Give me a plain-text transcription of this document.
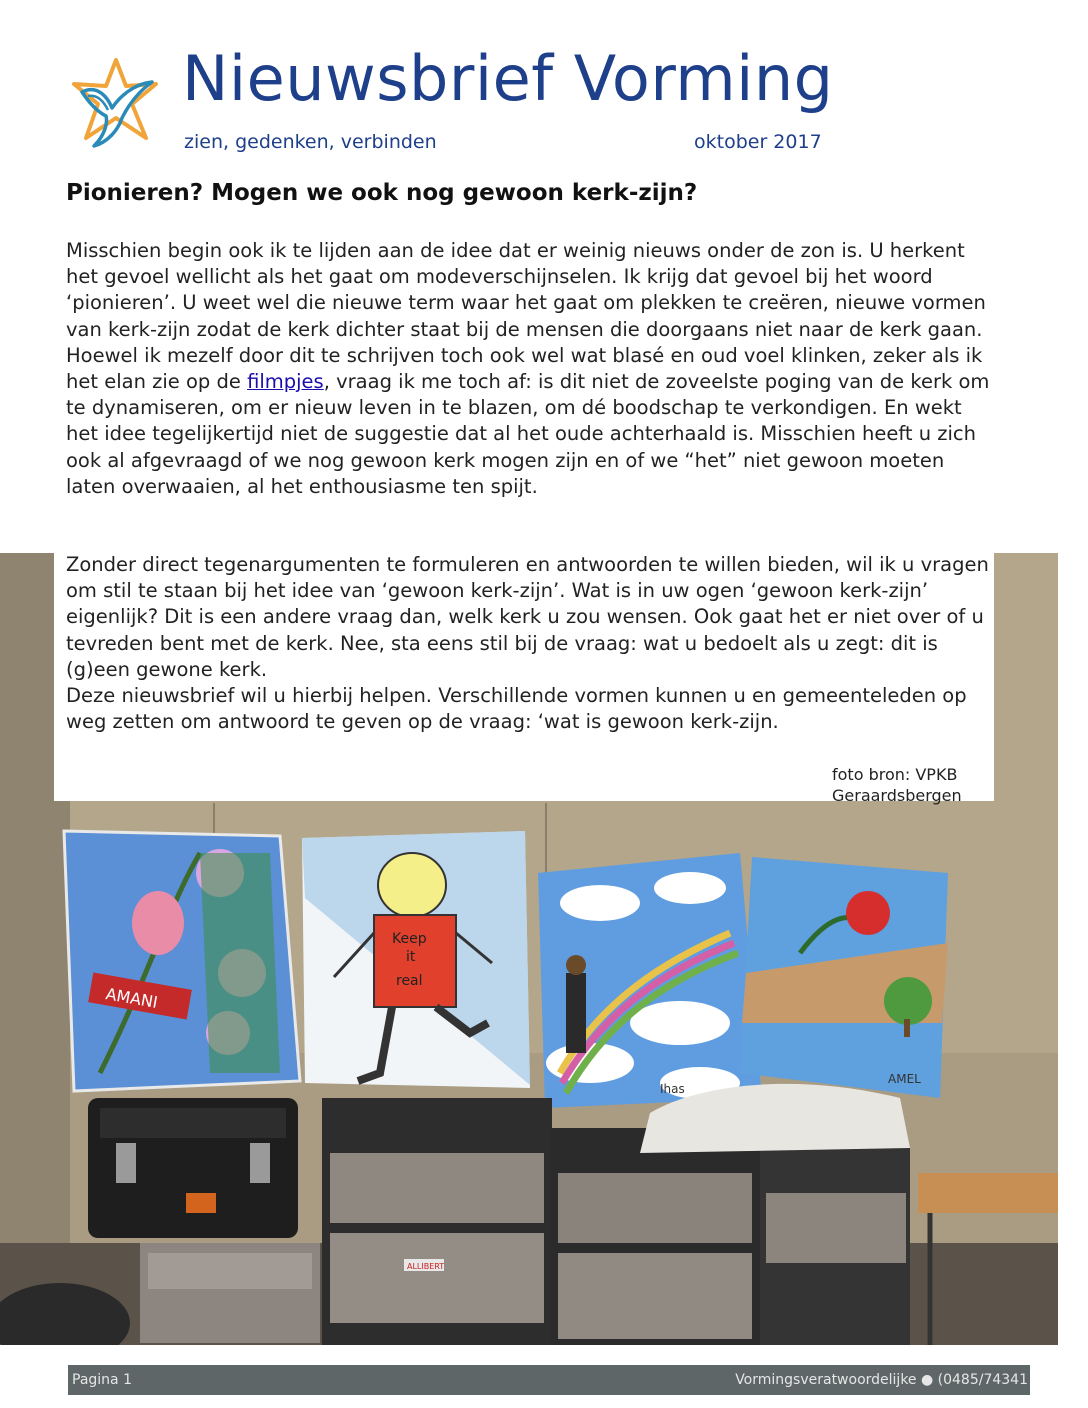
Nieuwsbrief Vorming
zien, gedenken, verbinden	oktober 2017
Pionieren? Mogen we ook nog gewoon kerk-zijn?
Misschien begin ook ik te lijden aan de idee dat er weinig nieuws onder de zon is. U herkent het gevoel wellicht als het gaat om modeverschijnselen. Ik krijg dat gevoel bij het woord ‘pionieren’. U weet wel die nieuwe term waar het gaat om plekken te creëren, nieuwe vormen van kerk-zijn zodat de kerk dichter staat bij de mensen die doorgaans niet naar de kerk gaan. Hoewel ik mezelf door dit te schrijven toch ook wel wat blasé en oud voel klinken, zeker als ik het elan zie op de filmpjes, vraag ik me toch af: is dit niet de zoveelste poging van de kerk om te dynamiseren, om er nieuw leven in te blazen, om dé boodschap te verkondigen. En wekt het idee tegelijkertijd niet de suggestie dat al het oude achterhaald is. Misschien heeft u zich ook al afgevraagd of we nog gewoon kerk mogen zijn en of we “het” niet gewoon moeten laten overwaaien, al het enthousiasme ten spijt.
AMANI
Keep
it
real
Ihas
AMEL
ALLIBERT
Zonder direct tegenargumenten te formuleren en antwoorden te willen bieden, wil ik u vragen om stil te staan bij het idee van ‘gewoon kerk-zijn’. Wat is in uw ogen ‘gewoon kerk-zijn’ eigenlijk? Dit is een andere vraag dan, welk kerk u zou wensen. Ook gaat het er niet over of u tevreden bent met de kerk. Nee, sta eens stil bij de vraag: wat u bedoelt als u zegt: dit is (g)een gewone kerk.
Deze nieuwsbrief wil u hierbij helpen. Verschillende vormen kunnen u en gemeenteleden op weg zetten om antwoord te geven op de vraag: ‘wat is gewoon kerk-zijn.
foto bron: VPKB
Geraardsbergen
Pagina 1	Vormingsveratwoordelijke ● (0485/74341
